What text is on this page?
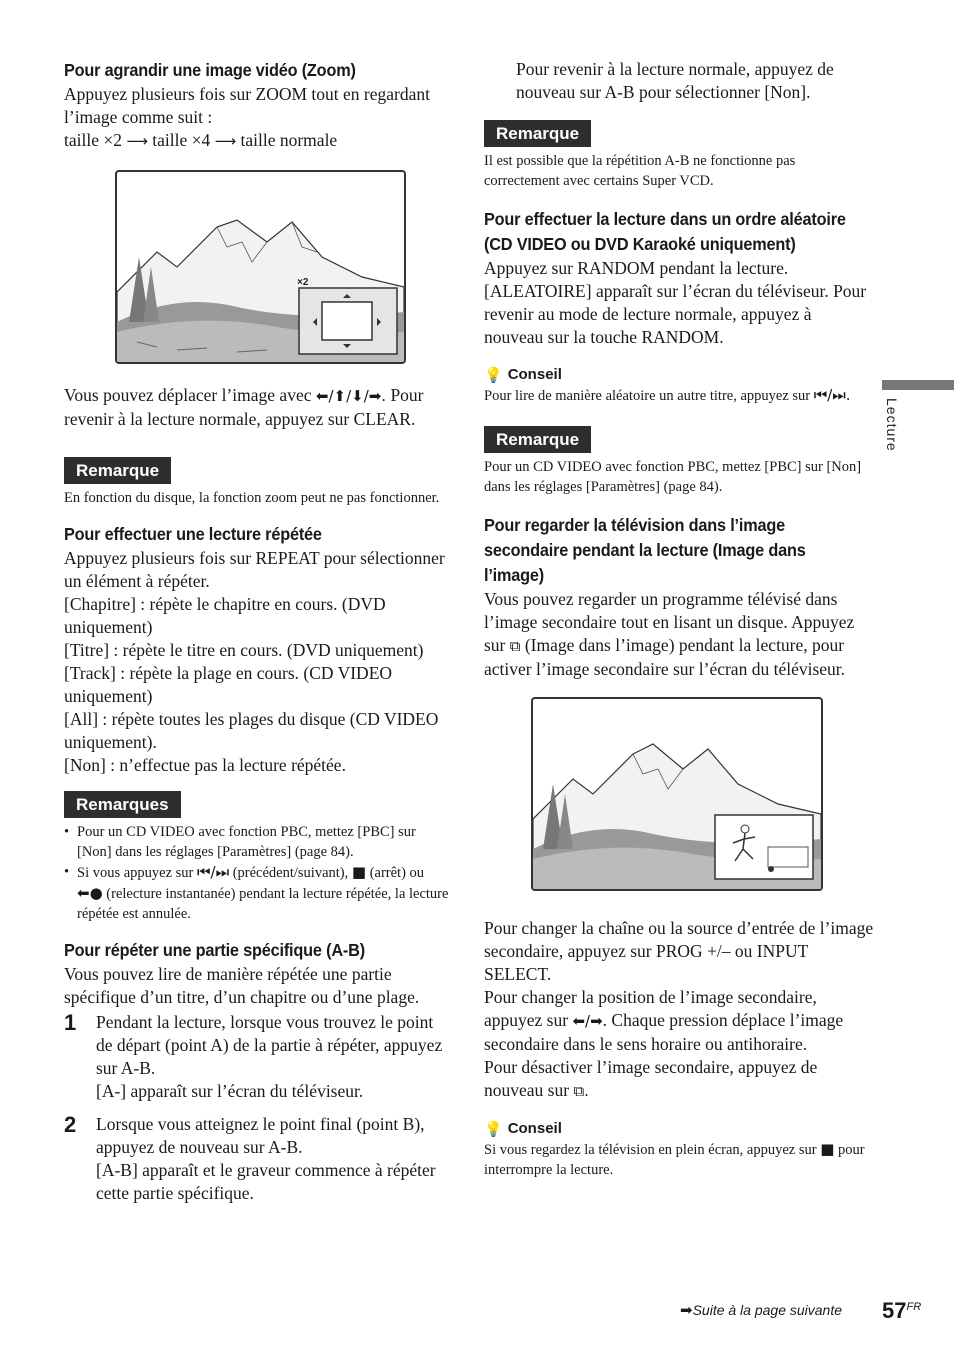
Lecture

Pour agrandir une image vidéo (Zoom)

Appuyez plusieurs fois sur ZOOM tout en regardant l’image comme suit :

taille ×2 ⟶ taille ×4 ⟶ taille normale

×2

Vous pouvez déplacer l’image avec ⬅/⬆/⬇/➡. Pour revenir à la lecture normale, appuyez sur CLEAR.

Remarque

En fonction du disque, la fonction zoom peut ne pas fonctionner.

Pour effectuer une lecture répétée

Appuyez plusieurs fois sur REPEAT pour sélectionner un élément à répéter.

[Chapitre] : répète le chapitre en cours. (DVD uniquement)

[Titre] : répète le titre en cours. (DVD uniquement)

[Track] : répète la plage en cours. (CD VIDEO uniquement)

[All] : répète toutes les plages du disque (CD VIDEO uniquement).

[Non] : n’effectue pas la lecture répétée.

Remarques
• Pour un CD VIDEO avec fonction PBC, mettez [PBC] sur [Non] dans les réglages [Paramètres] (page 84).
• Si vous appuyez sur ⏮/⏭ (précédent/suivant), ■ (arrêt) ou ⬅● (relecture instantanée) pendant la lecture répétée, la lecture répétée est annulée.

Pour répéter une partie spécifique (A-B)

Vous pouvez lire de manière répétée une partie spécifique d’un titre, d’un chapitre ou d’une plage.

1	Pendant la lecture, lorsque vous trouvez le point de départ (point A) de la partie à répéter, appuyez sur A-B.

[A-] apparaît sur l’écran du téléviseur.

2	Lorsque vous atteignez le point final (point B), appuyez de nouveau sur A-B.

[A-B] apparaît et le graveur commence à répéter cette partie spécifique.

Pour revenir à la lecture normale, appuyez de nouveau sur A-B pour sélectionner [Non].

Remarque

Il est possible que la répétition A-B ne fonctionne pas correctement avec certains Super VCD.

Pour effectuer la lecture dans un ordre aléatoire (CD VIDEO ou DVD Karaoké uniquement)

Appuyez sur RANDOM pendant la lecture. [ALEATOIRE] apparaît sur l’écran du téléviseur. Pour revenir au mode de lecture normale, appuyez à nouveau sur la touche RANDOM.

💡 Conseil

Pour lire de manière aléatoire un autre titre, appuyez sur ⏮/⏭.

Remarque

Pour un CD VIDEO avec fonction PBC, mettez [PBC] sur [Non] dans les réglages [Paramètres] (page 84).

Pour regarder la télévision dans l’image secondaire pendant la lecture (Image dans l’image)

Vous pouvez regarder un programme télévisé dans l’image secondaire tout en lisant un disque. Appuyez sur ⧉ (Image dans l’image) pendant la lecture, pour activer l’image secondaire sur l’écran du téléviseur.

Pour changer la chaîne ou la source d’entrée de l’image secondaire, appuyez sur PROG +/– ou INPUT SELECT.

Pour changer la position de l’image secondaire, appuyez sur ⬅/➡. Chaque pression déplace l’image secondaire dans le sens horaire ou antihoraire.

Pour désactiver l’image secondaire, appuyez de nouveau sur ⧉.

💡 Conseil

Si vous regardez la télévision en plein écran, appuyez sur ■ pour interrompre la lecture.

➡Suite à la page suivante $57^{FR}$
